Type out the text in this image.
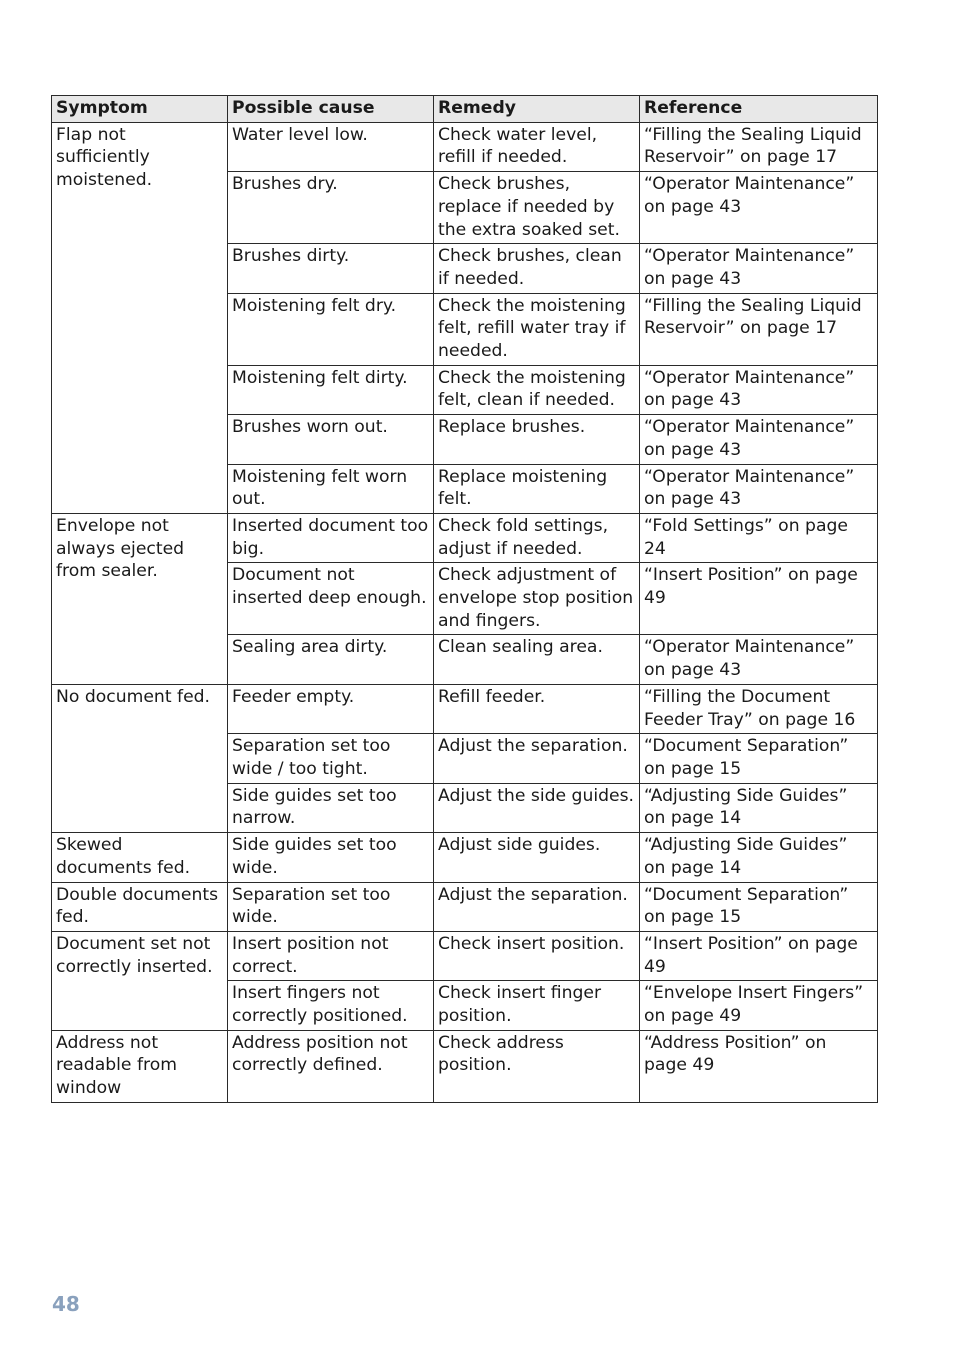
Symptom	Possible cause	Remedy	Reference
Flap not sufficiently moistened.	Water level low.	Check water level, refill if needed.	“Filling the Sealing Liquid Reservoir” on page 17
	Brushes dry.	Check brushes, replace if needed by the extra soaked set.	“Operator Maintenance” on page 43
	Brushes dirty.	Check brushes, clean if needed.	“Operator Maintenance” on page 43
	Moistening felt dry.	Check the moistening felt, refill water tray if needed.	“Filling the Sealing Liquid Reservoir” on page 17
	Moistening felt dirty.	Check the moistening felt, clean if needed.	“Operator Maintenance” on page 43
	Brushes worn out.	Replace brushes.	“Operator Maintenance” on page 43
	Moistening felt worn out.	Replace moistening felt.	“Operator Maintenance” on page 43
Envelope not always ejected from sealer.	Inserted document too big.	Check fold settings, adjust if needed.	“Fold Settings” on page 24
	Document not inserted deep enough.	Check adjustment of envelope stop position and fingers.	“Insert Position” on page 49
	Sealing area dirty.	Clean sealing area.	“Operator Maintenance” on page 43
No document fed.	Feeder empty.	Refill feeder.	“Filling the Document Feeder Tray” on page 16
	Separation set too wide / too tight.	Adjust the separation.	“Document Separation” on page 15
	Side guides set too narrow.	Adjust the side guides.	“Adjusting Side Guides” on page 14
Skewed documents fed.	Side guides set too wide.	Adjust side guides.	“Adjusting Side Guides” on page 14
Double documents fed.	Separation set too wide.	Adjust the separation.	“Document Separation” on page 15
Document set not correctly inserted.	Insert position not correct.	Check insert position.	“Insert Position” on page 49
	Insert fingers not correctly positioned.	Check insert finger position.	“Envelope Insert Fingers” on page 49
Address not readable from window	Address position not correctly defined.	Check address position.	“Address Position” on page 49
48
